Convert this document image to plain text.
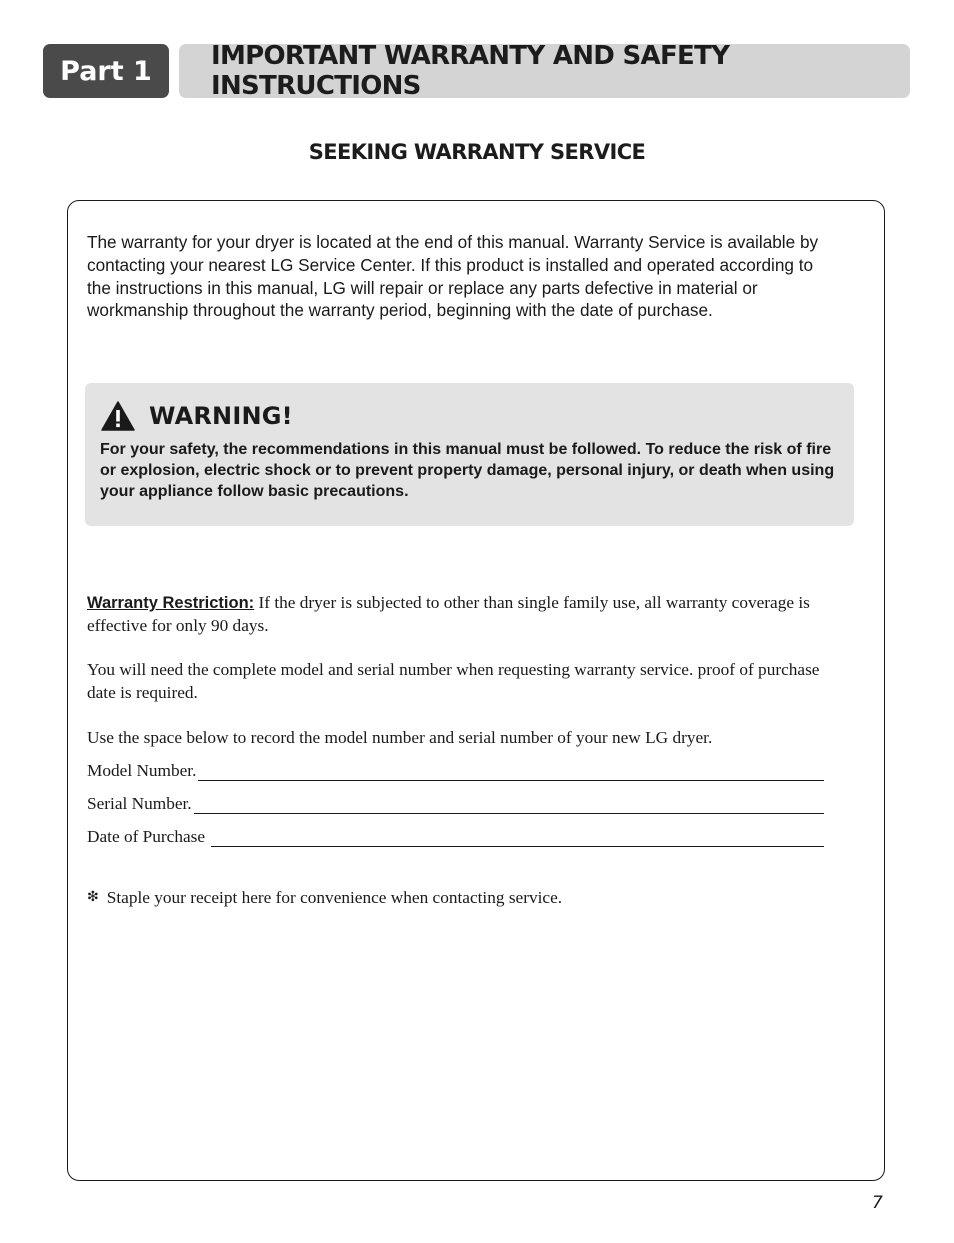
Part 1	IMPORTANT WARRANTY AND SAFETY INSTRUCTIONS
SEEKING WARRANTY SERVICE
The warranty for your dryer is located at the end of this manual. Warranty Service is available by contacting your nearest LG Service Center. If this product is installed and operated according to the instructions in this manual, LG will repair or replace any parts defective in material or workmanship throughout the warranty period, beginning with the date of purchase.
WARNING!
For your safety, the recommendations in this manual must be followed. To reduce the risk of fire or explosion, electric shock or to prevent property damage, personal injury, or death when using your appliance follow basic precautions.
Warranty Restriction: If the dryer is subjected to other than single family use, all warranty coverage is effective for only 90 days.
You will need the complete model and serial number when requesting warranty service. proof of purchase date is required.
Use the space below to record the model number and serial number of your new LG dryer.
Model Number.
Serial Number.
Date of Purchase
❇ Staple your receipt here for convenience when contacting service.
7
